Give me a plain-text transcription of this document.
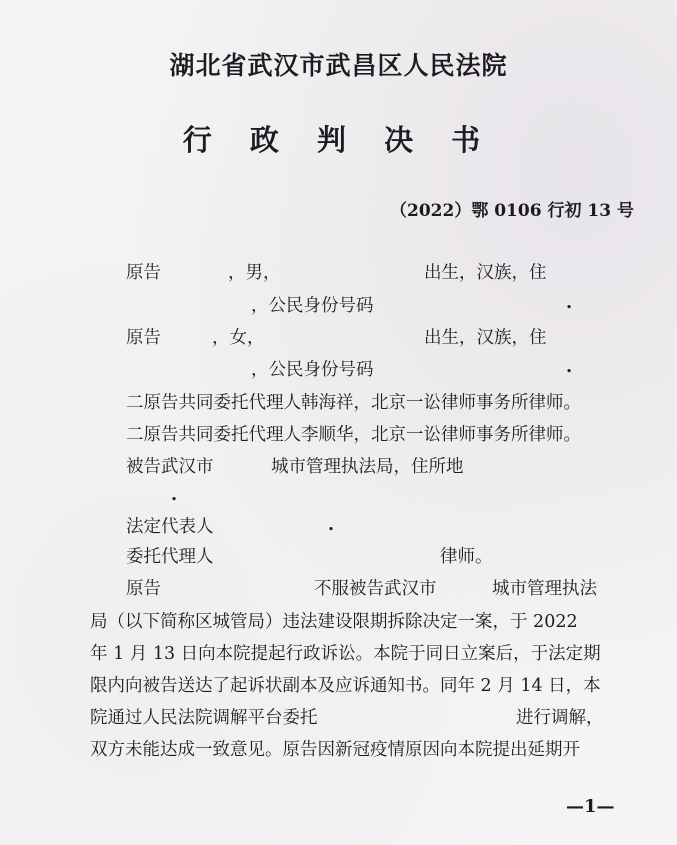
湖北省武汉市武昌区人民法院
行 政 判 决 书
（2022）鄂 0106 行初 13 号
原告	，男，	出生，汉族，住
，公民身份号码	.
原告	，女，	出生，汉族，住
，公民身份号码	.
二原告共同委托代理人韩海祥，北京一讼律师事务所律师。
二原告共同委托代理人李顺华，北京一讼律师事务所律师。
被告武汉市	城市管理执法局，住所地
.
法定代表人	.
委托代理人	律师。
原告	不服被告武汉市	城市管理执法
局（以下简称区城管局）违法建设限期拆除决定一案，于 2022
年 1 月 13 日向本院提起行政诉讼。本院于同日立案后，于法定期
限内向被告送达了起诉状副本及应诉通知书。同年 2 月 14 日，本
院通过人民法院调解平台委托	进行调解，
双方未能达成一致意见。原告因新冠疫情原因向本院提出延期开
—1—
